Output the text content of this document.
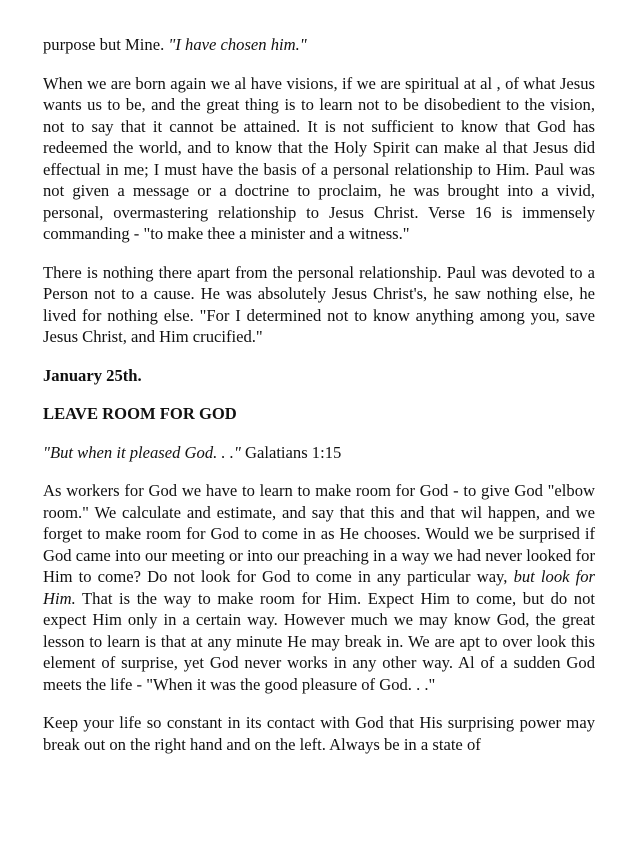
purpose but Mine. "I have chosen him."

When we are born again we al have visions, if we are spiritual at al , of what Jesus wants us to be, and the great thing is to learn not to be disobedient to the vision, not to say that it cannot be attained. It is not sufficient to know that God has redeemed the world, and to know that the Holy Spirit can make al that Jesus did effectual in me; I must have the basis of a personal relationship to Him. Paul was not given a message or a doctrine to proclaim, he was brought into a vivid, personal, overmastering relationship to Jesus Christ. Verse 16 is immensely commanding - "to make thee a minister and a witness."

There is nothing there apart from the personal relationship. Paul was devoted to a Person not to a cause. He was absolutely Jesus Christ's, he saw nothing else, he lived for nothing else. "For I determined not to know anything among you, save Jesus Christ, and Him crucified."

January 25th.

LEAVE ROOM FOR GOD

"But when it pleased God. . ." Galatians 1:15

As workers for God we have to learn to make room for God - to give God "elbow room." We calculate and estimate, and say that this and that wil happen, and we forget to make room for God to come in as He chooses. Would we be surprised if God came into our meeting or into our preaching in a way we had never looked for Him to come? Do not look for God to come in any particular way, but look for Him. That is the way to make room for Him. Expect Him to come, but do not expect Him only in a certain way. However much we may know God, the great lesson to learn is that at any minute He may break in. We are apt to over look this element of surprise, yet God never works in any other way. Al of a sudden God meets the life - "When it was the good pleasure of God. . ."

Keep your life so constant in its contact with God that His surprising power may break out on the right hand and on the left. Always be in a state of
